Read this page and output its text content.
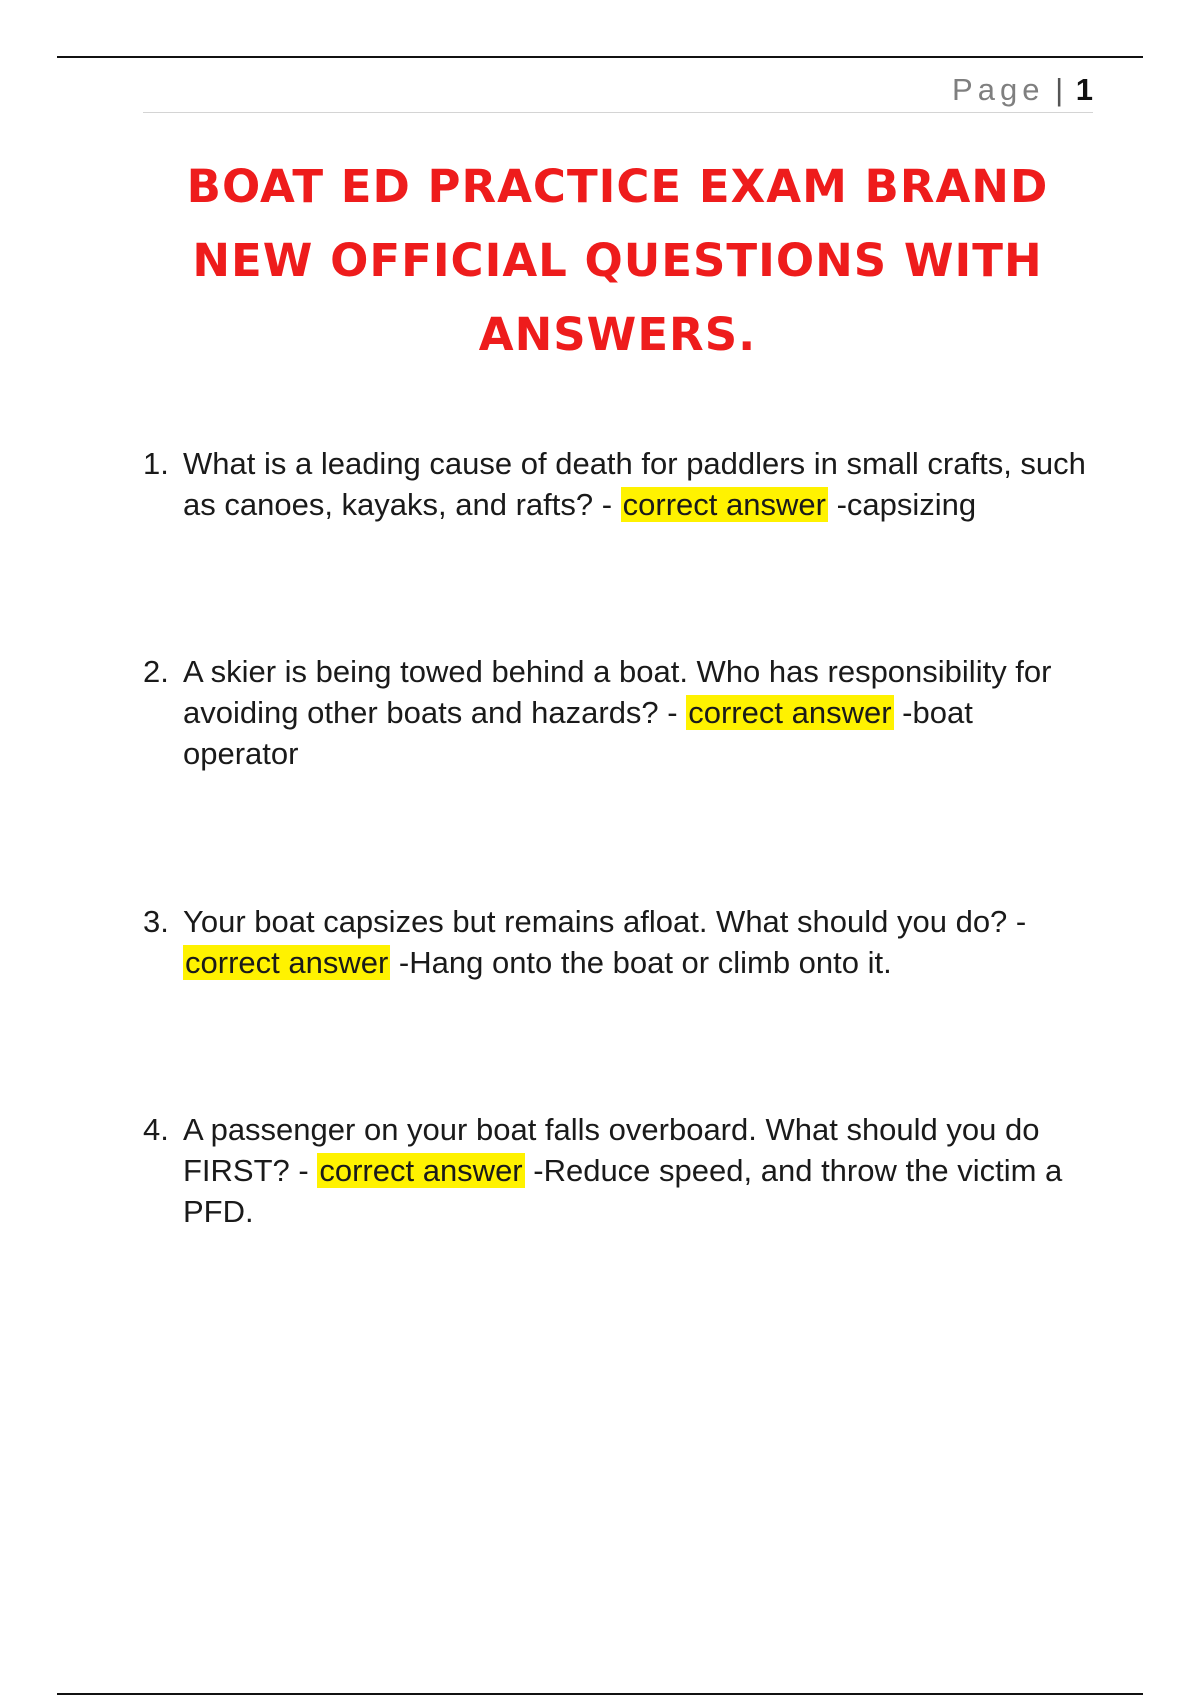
Page | 1
BOAT ED PRACTICE EXAM BRAND
NEW OFFICIAL QUESTIONS WITH
ANSWERS.
1. What is a leading cause of death for paddlers in small crafts, such as canoes, kayaks, and rafts? - correct answer -capsizing
2. A skier is being towed behind a boat. Who has responsibility for avoiding other boats and hazards? - correct answer -boat operator
3. Your boat capsizes but remains afloat. What should you do? - correct answer -Hang onto the boat or climb onto it.
4. A passenger on your boat falls overboard. What should you do FIRST? - correct answer -Reduce speed, and throw the victim a PFD.
